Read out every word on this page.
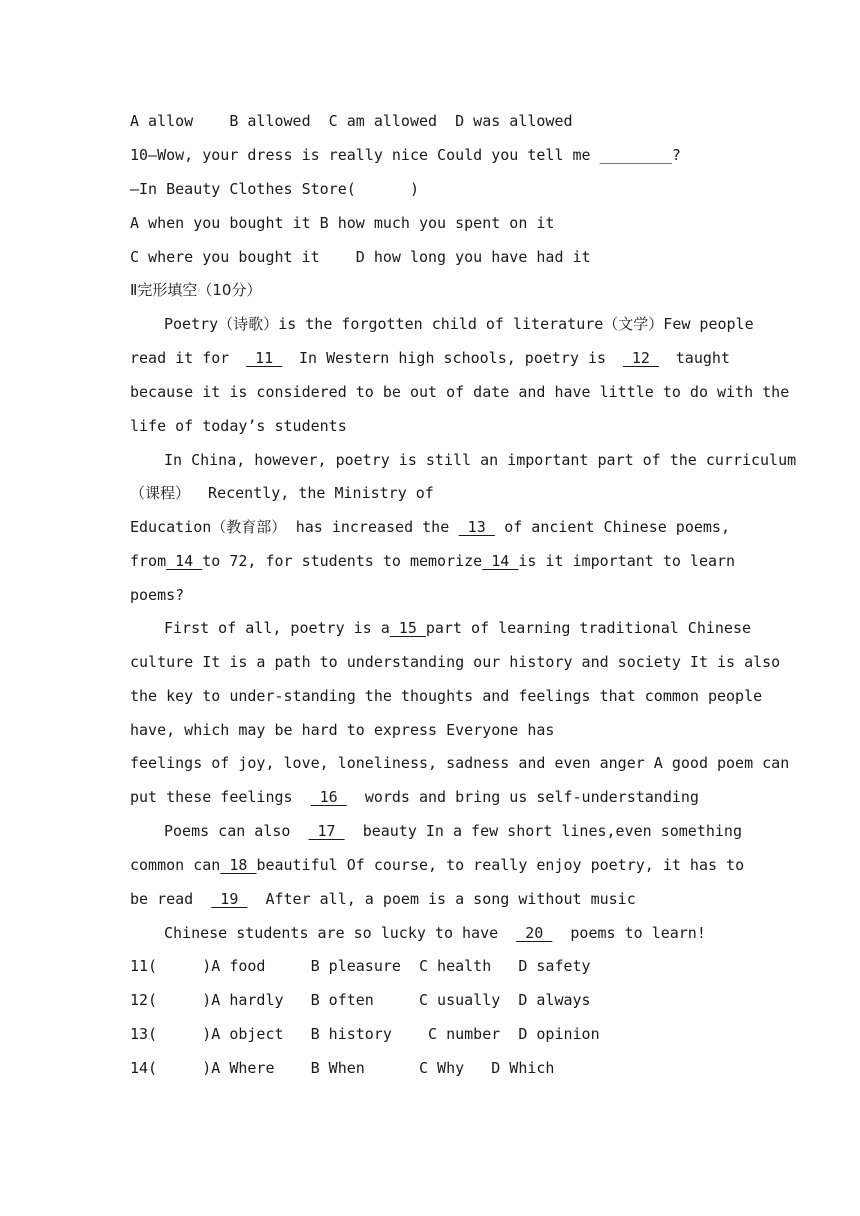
A allow    B allowed  C am allowed  D was allowed
10—Wow, your dress is really nice Could you tell me ________?
—In Beauty Clothes Store(      )
A when you bought it B how much you spent on it
C where you bought it    D how long you have had it
Ⅱ完形填空（10分）
Poetry（诗歌） is the forgotten child of literature（文学） Few people
read it for 11 In Western high schools, poetry is 12 taught
because it is considered to be out of date and have little to do with the
life of today’s students
In China, however, poetry is still an important part of the curriculum
（课程）  Recently, the Ministry of
Education（教育部） has increased the 13 of ancient Chinese poems,
from 14 to 72, for students to memorize 14 is it important to learn
poems?
First of all, poetry is a 15 part of learning traditional Chinese
culture It is a path to understanding our history and society It is also
the key to under-standing the thoughts and feelings that common people
have, which may be hard to express Everyone has
feelings of joy, love, loneliness, sadness and even anger A good poem can
put these feelings   16   words and bring us self-understanding
Poems can also   17   beauty In a few short lines,even something
common can 18 beautiful Of course, to really enjoy poetry, it has to
be read   19   After all, a poem is a song without music
Chinese students are so lucky to have   20   poems to learn!
11(     )A food     B pleasure  C health   D safety
12(     )A hardly   B often     C usually  D always
13(     )A object   B history    C number  D opinion
14(     )A Where    B When      C Why   D Which
